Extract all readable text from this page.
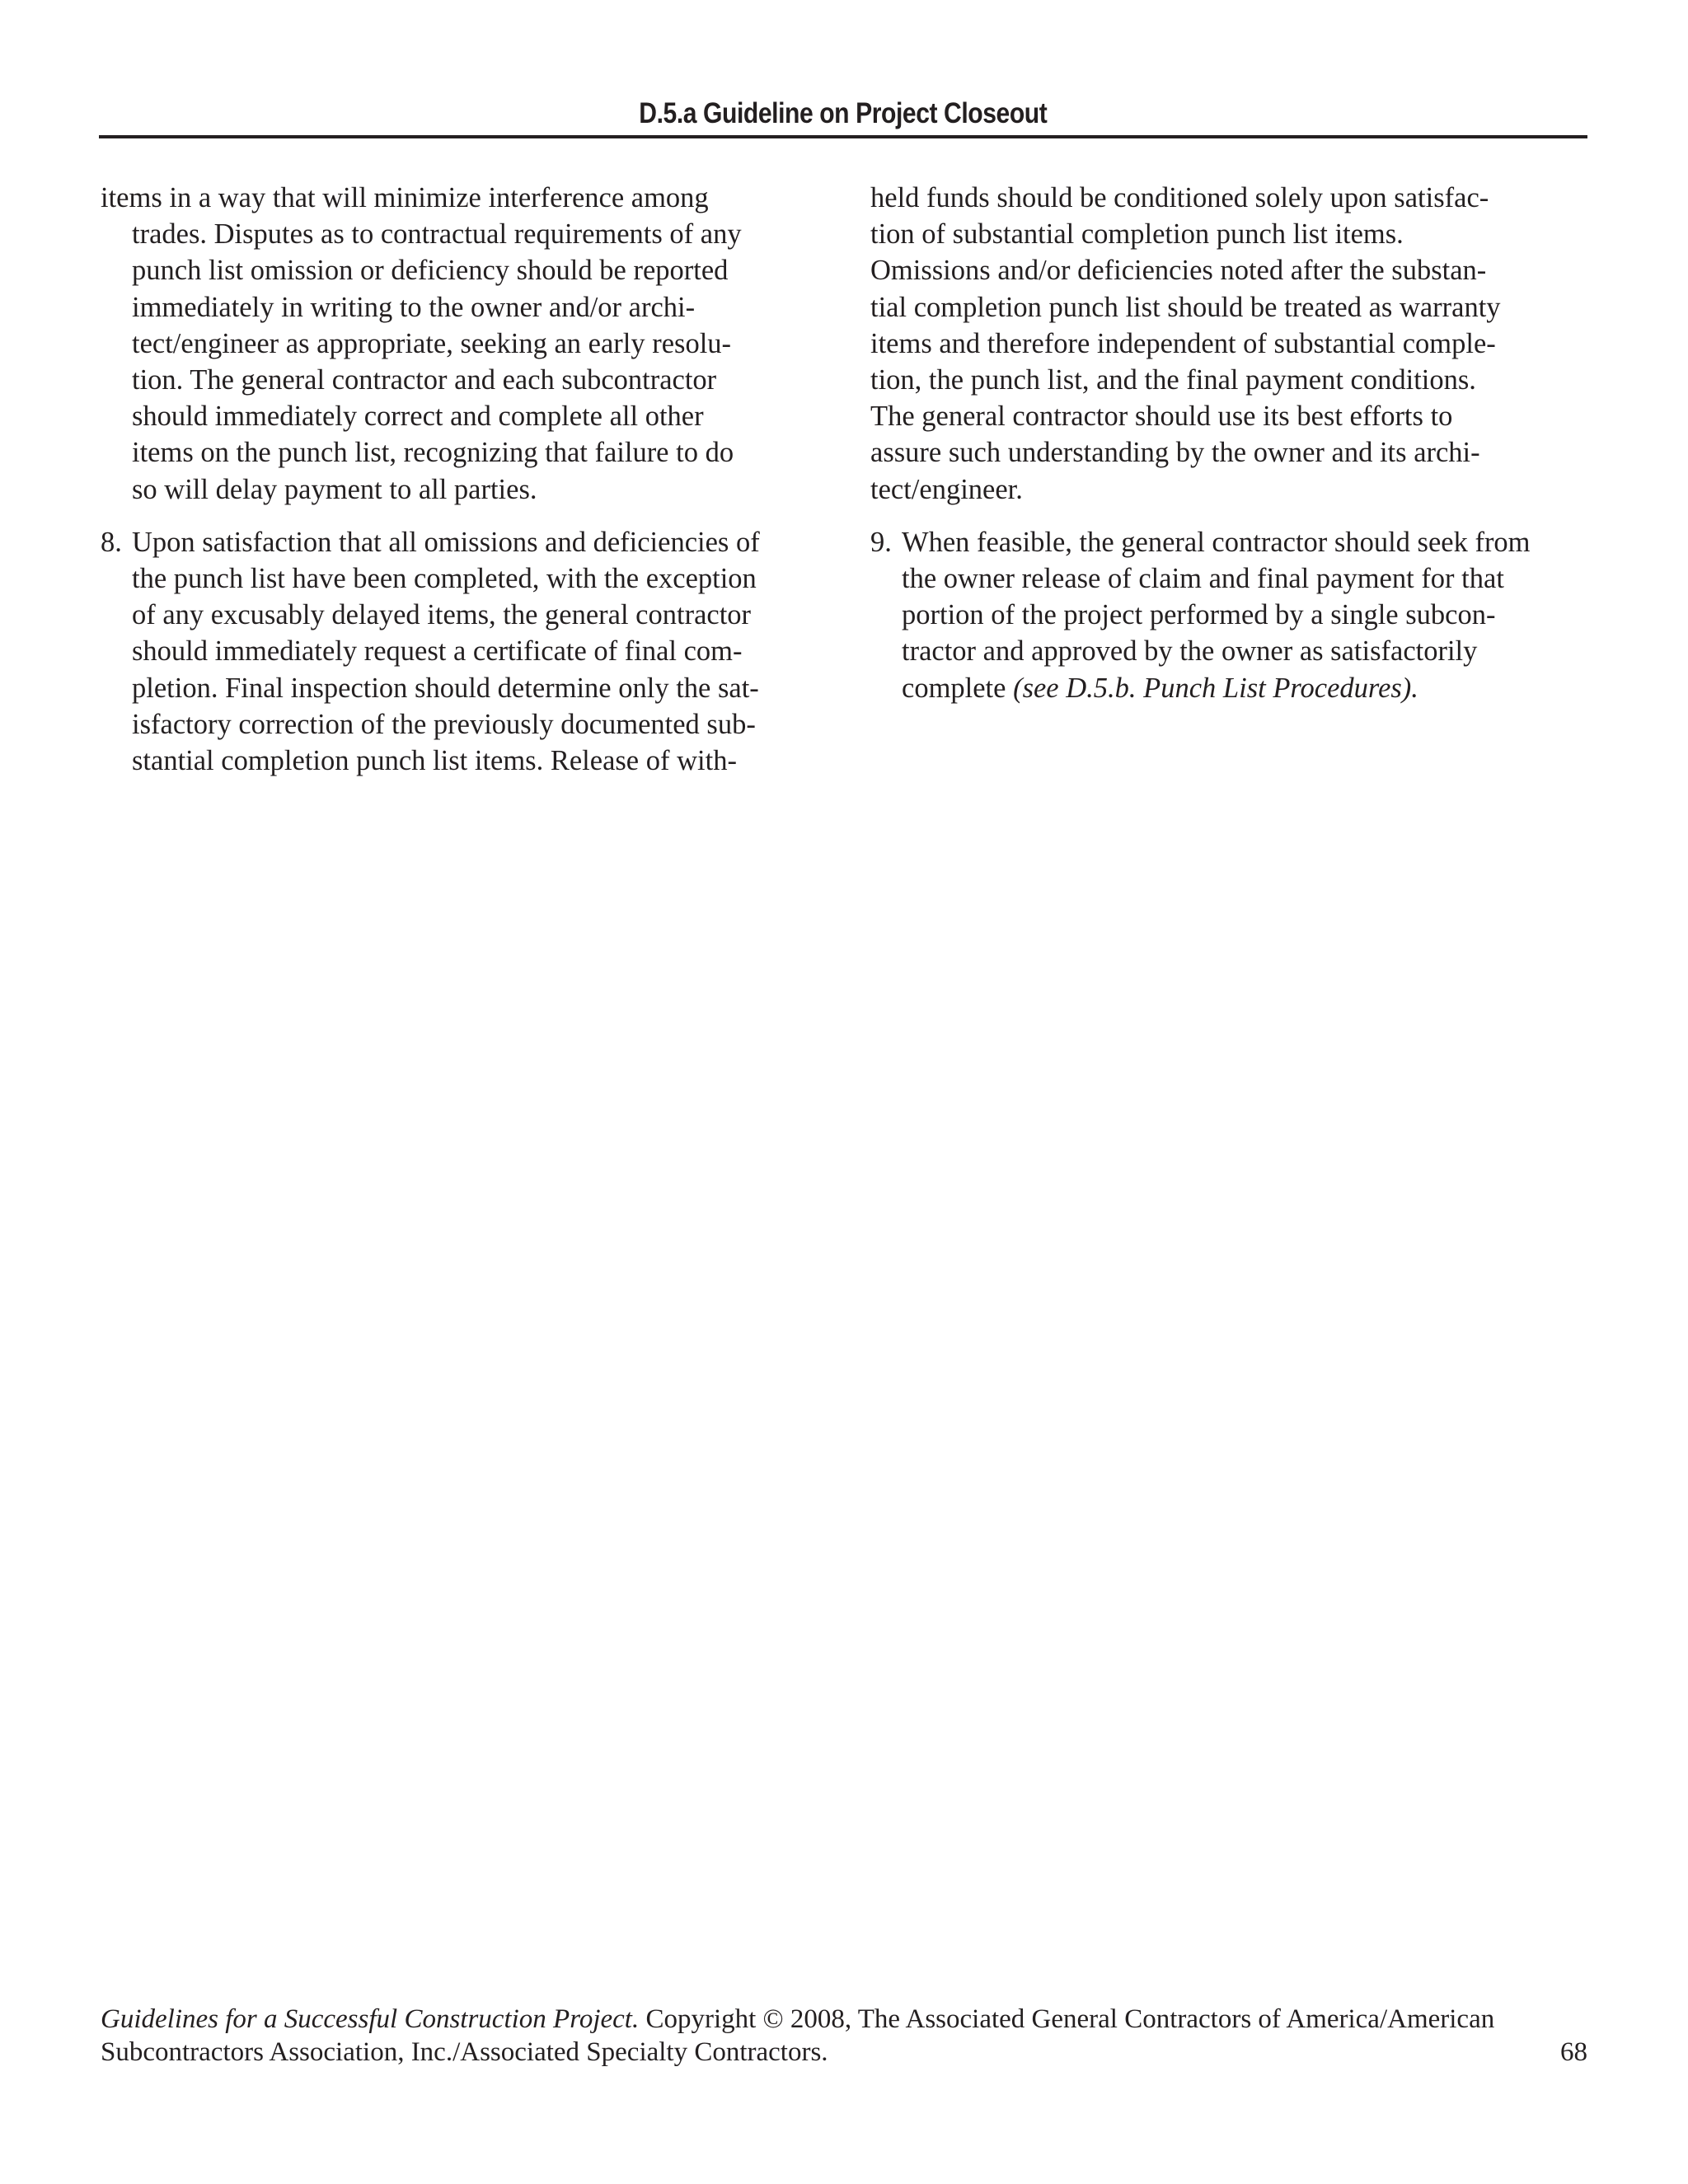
D.5.a Guideline on Project Closeout

items in a way that will minimize interference among
trades. Disputes as to contractual requirements of any
punch list omission or deficiency should be reported
immediately in writing to the owner and/or archi-
tect/engineer as appropriate, seeking an early resolu-
tion. The general contractor and each subcontractor
should immediately correct and complete all other
items on the punch list, recognizing that failure to do
so will delay payment to all parties.

8. Upon satisfaction that all omissions and deficiencies of
the punch list have been completed, with the exception
of any excusably delayed items, the general contractor
should immediately request a certificate of final com-
pletion. Final inspection should determine only the sat-
isfactory correction of the previously documented sub-
stantial completion punch list items. Release of with-

held funds should be conditioned solely upon satisfac-
tion of substantial completion punch list items.
Omissions and/or deficiencies noted after the substan-
tial completion punch list should be treated as warranty
items and therefore independent of substantial comple-
tion, the punch list, and the final payment conditions.
The general contractor should use its best efforts to
assure such understanding by the owner and its archi-
tect/engineer.

9. When feasible, the general contractor should seek from
the owner release of claim and final payment for that
portion of the project performed by a single subcon-
tractor and approved by the owner as satisfactorily
complete (see D.5.b. Punch List Procedures).

Guidelines for a Successful Construction Project. Copyright © 2008, The Associated General Contractors of America/American
Subcontractors Association, Inc./Associated Specialty Contractors.	68
